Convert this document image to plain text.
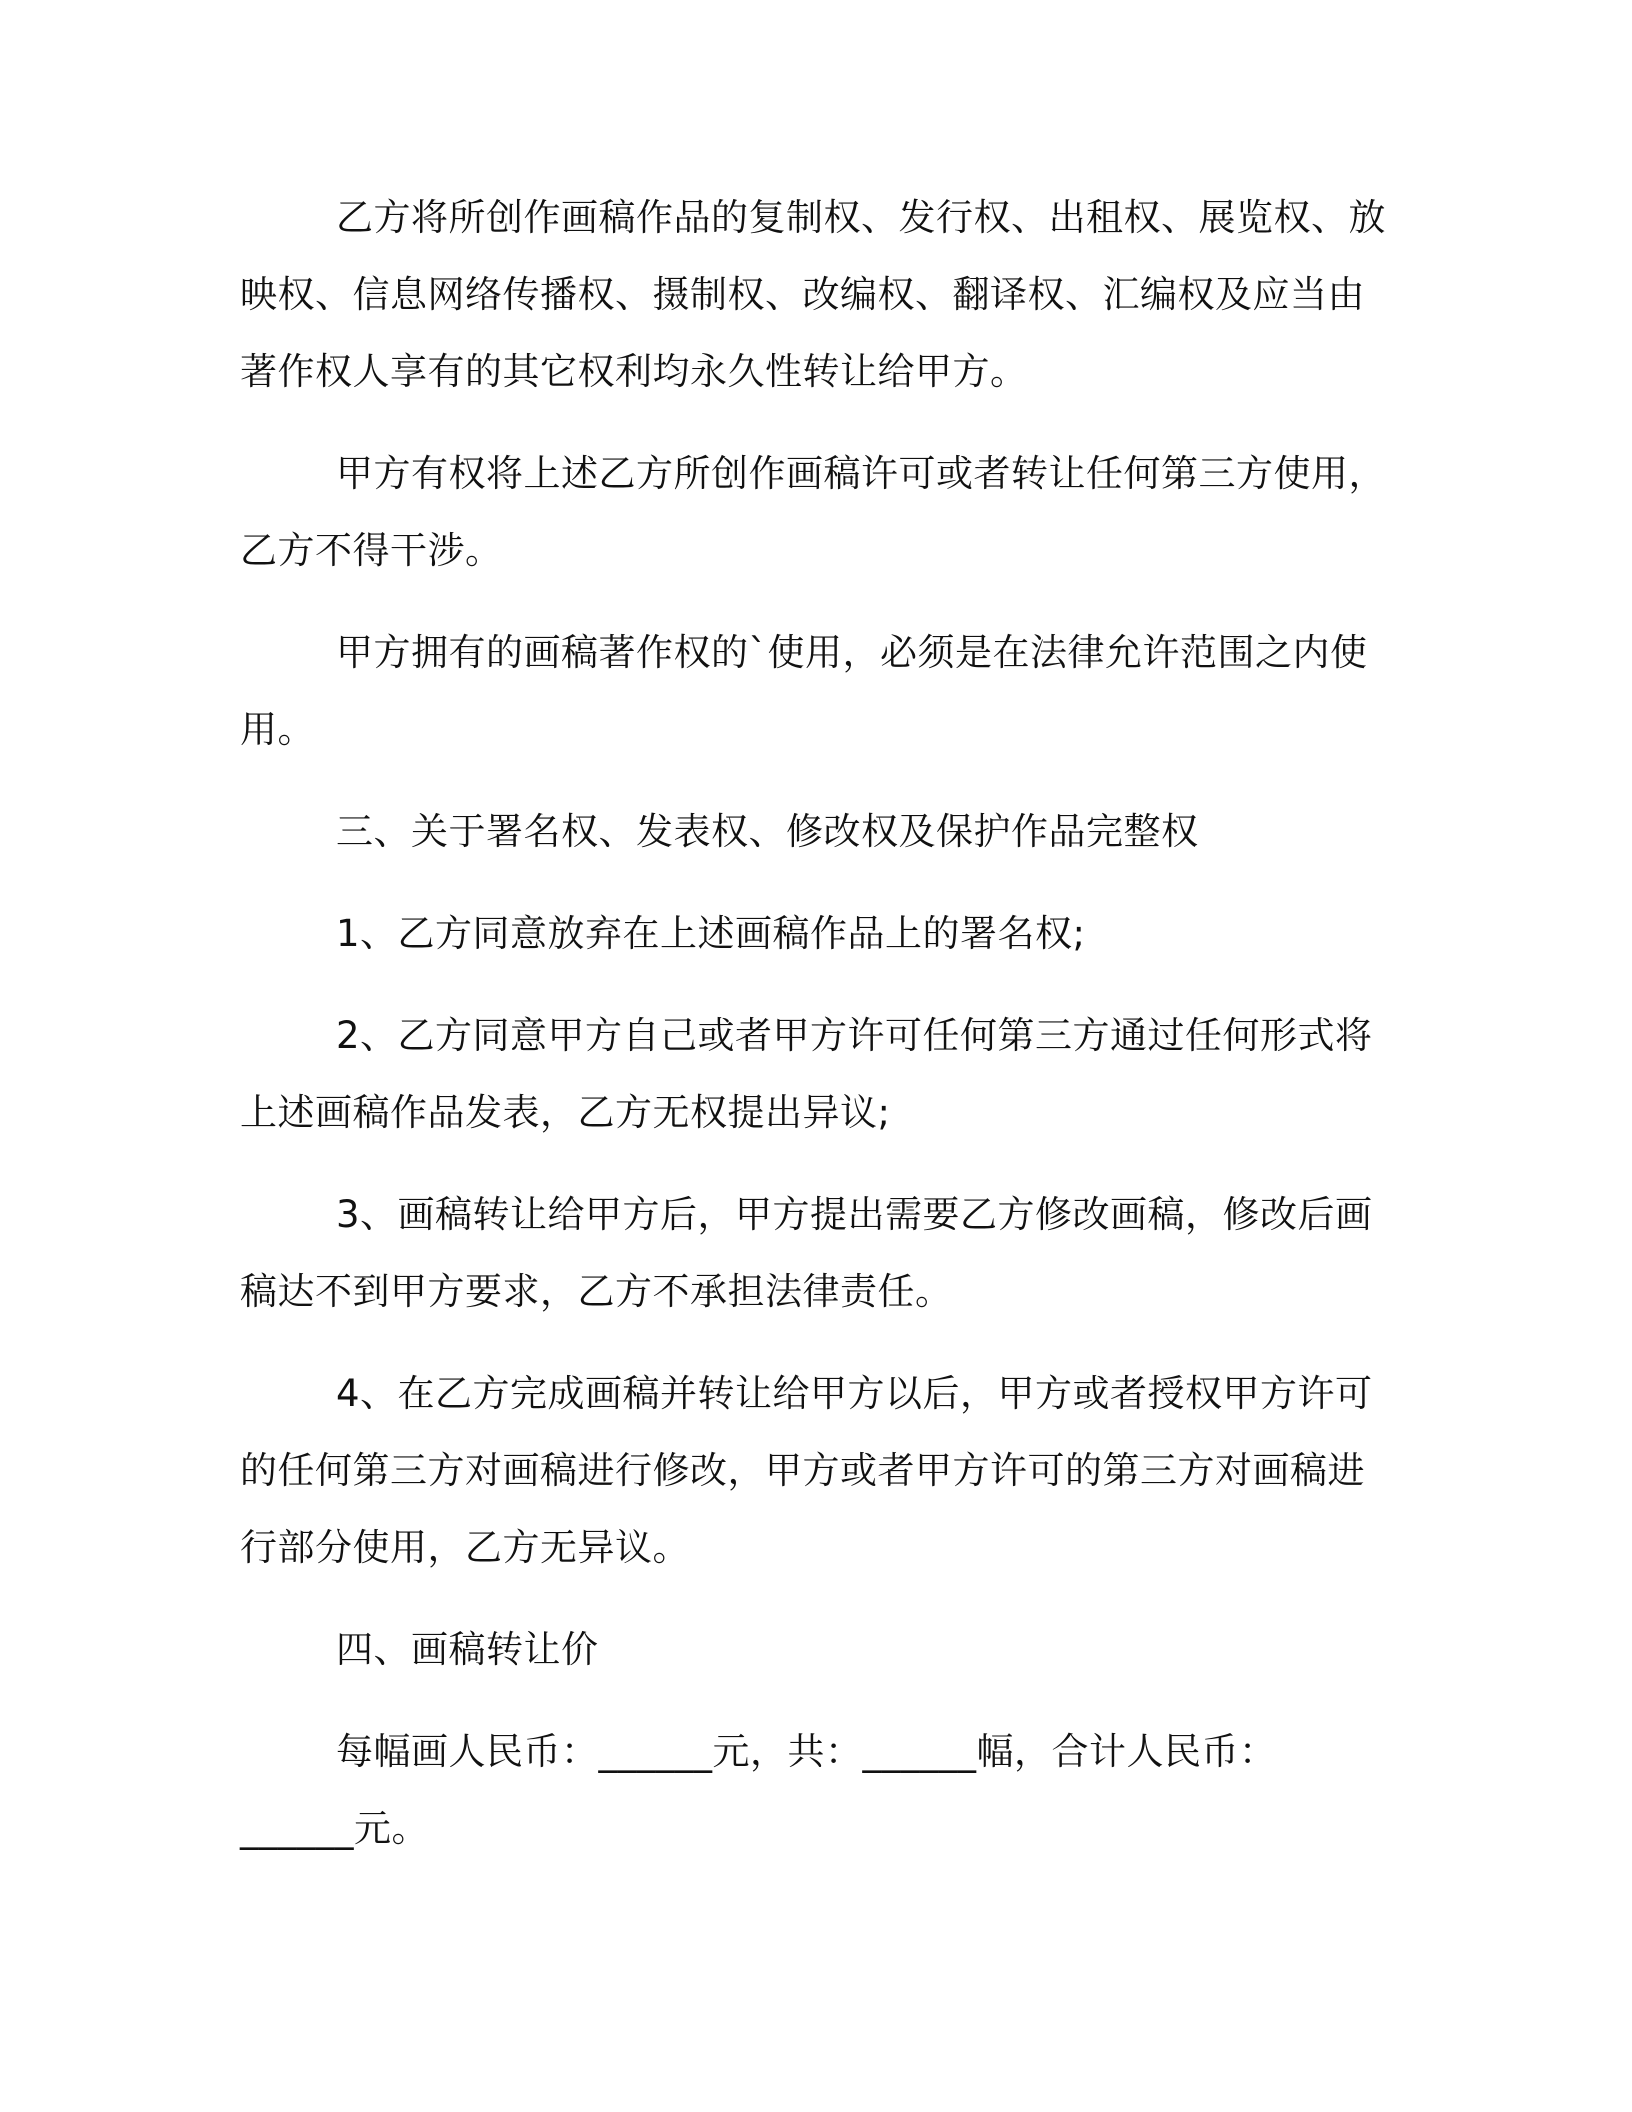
乙方将所创作画稿作品的复制权、发行权、出租权、展览权、放
映权、信息网络传播权、摄制权、改编权、翻译权、汇编权及应当由
著作权人享有的其它权利均永久性转让给甲方。
甲方有权将上述乙方所创作画稿许可或者转让任何第三方使用，
乙方不得干涉。
甲方拥有的画稿著作权的`使用，必须是在法律允许范围之内使
用。
三、关于署名权、发表权、修改权及保护作品完整权
1、乙方同意放弃在上述画稿作品上的署名权;
2、乙方同意甲方自己或者甲方许可任何第三方通过任何形式将
上述画稿作品发表，乙方无权提出异议;
3、画稿转让给甲方后，甲方提出需要乙方修改画稿，修改后画
稿达不到甲方要求，乙方不承担法律责任。
4、在乙方完成画稿并转让给甲方以后，甲方或者授权甲方许可
的任何第三方对画稿进行修改，甲方或者甲方许可的第三方对画稿进
行部分使用，乙方无异议。
四、画稿转让价
每幅画人民币：______元，共：______幅，合计人民币：
______元。
